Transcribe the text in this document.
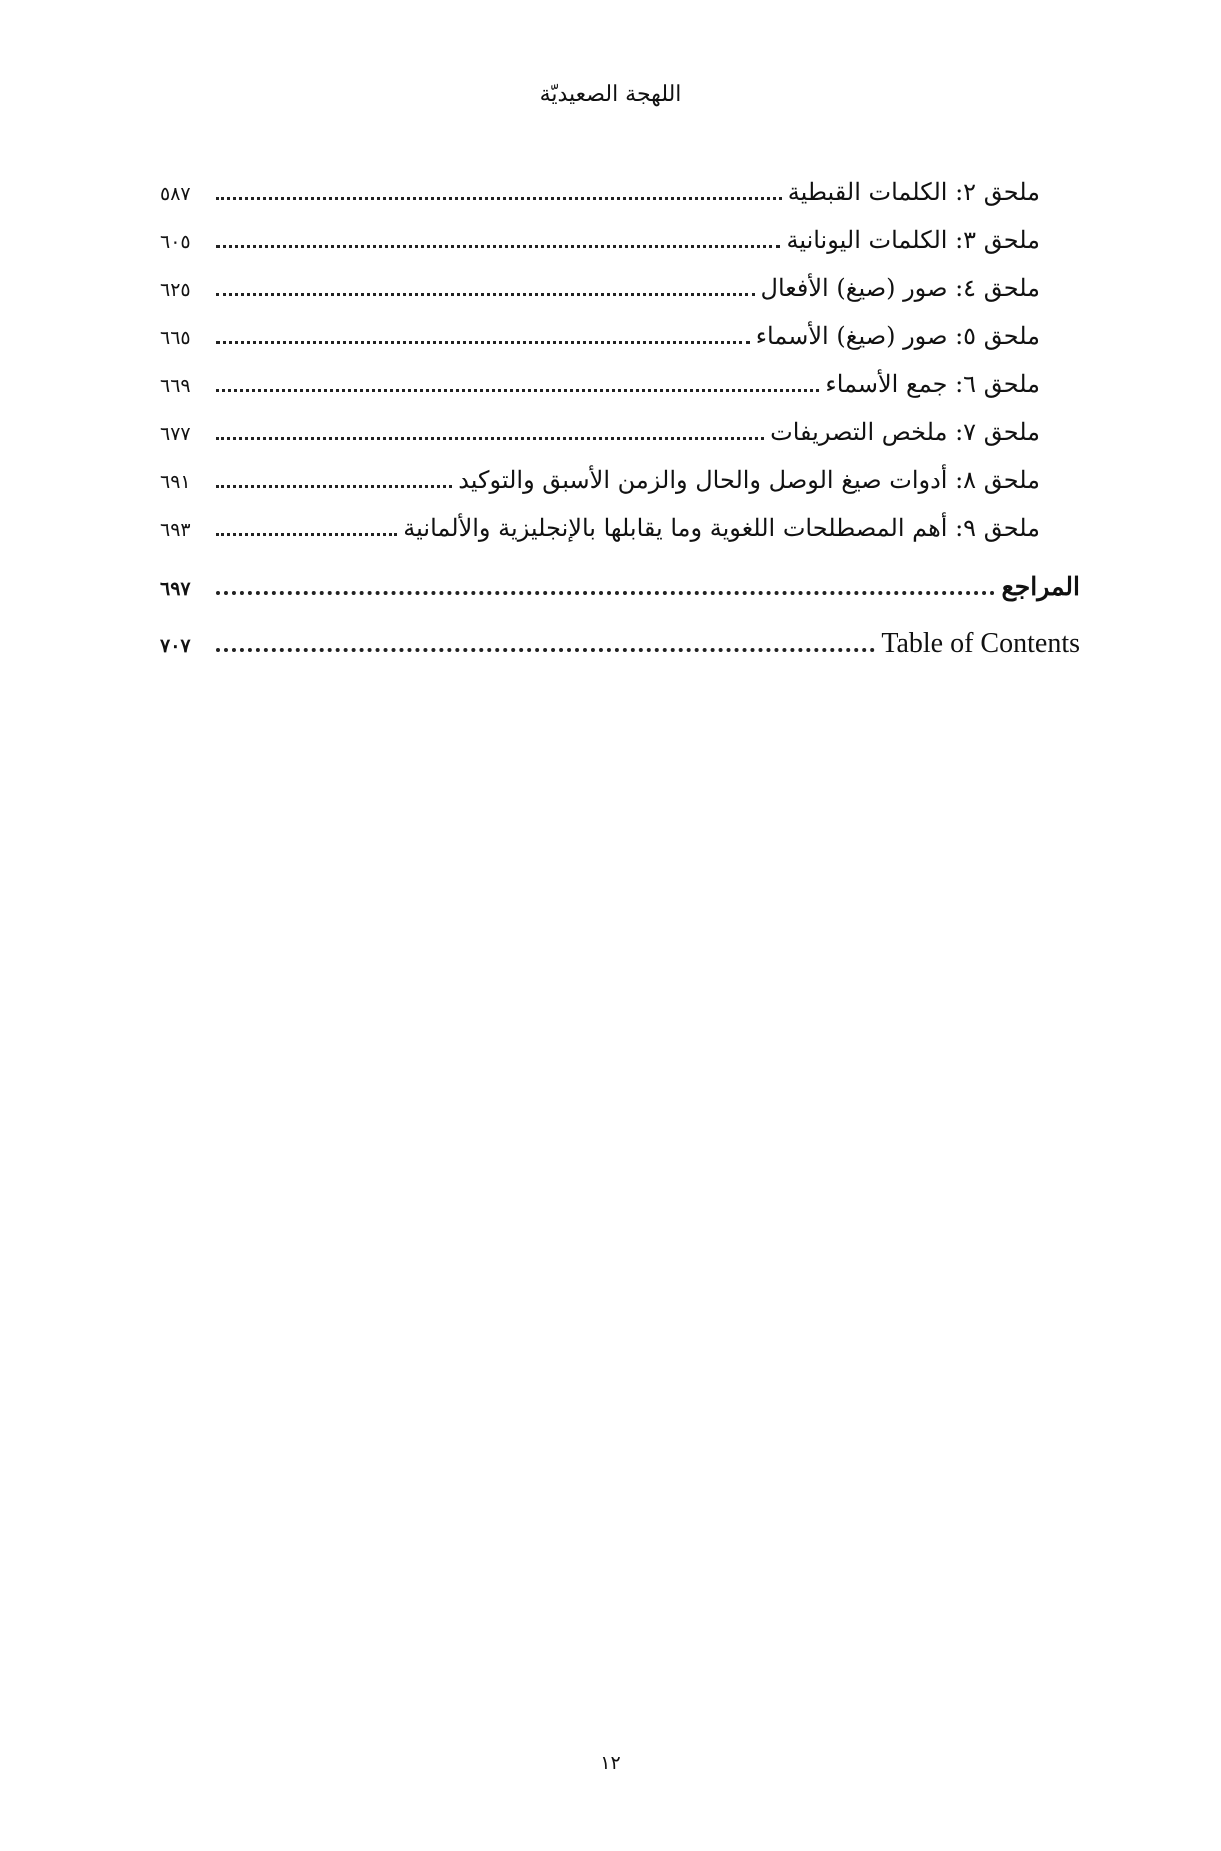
اللهجة الصعيديّة
ملحق ٢: الكلمات القبطية
٥٨٧
ملحق ٣: الكلمات اليونانية
٦٠٥
ملحق ٤: صور (صيغ) الأفعال
٦٢٥
ملحق ٥: صور (صيغ) الأسماء
٦٦٥
ملحق ٦: جمع الأسماء
٦٦٩
ملحق ٧: ملخص التصريفات
٦٧٧
ملحق ٨: أدوات صيغ الوصل والحال والزمن الأسبق والتوكيد
٦٩١
ملحق ٩: أهم المصطلحات اللغوية وما يقابلها بالإنجليزية والألمانية
٦٩٣
المراجع
٦٩٧
Table of Contents
٧٠٧
١٢
